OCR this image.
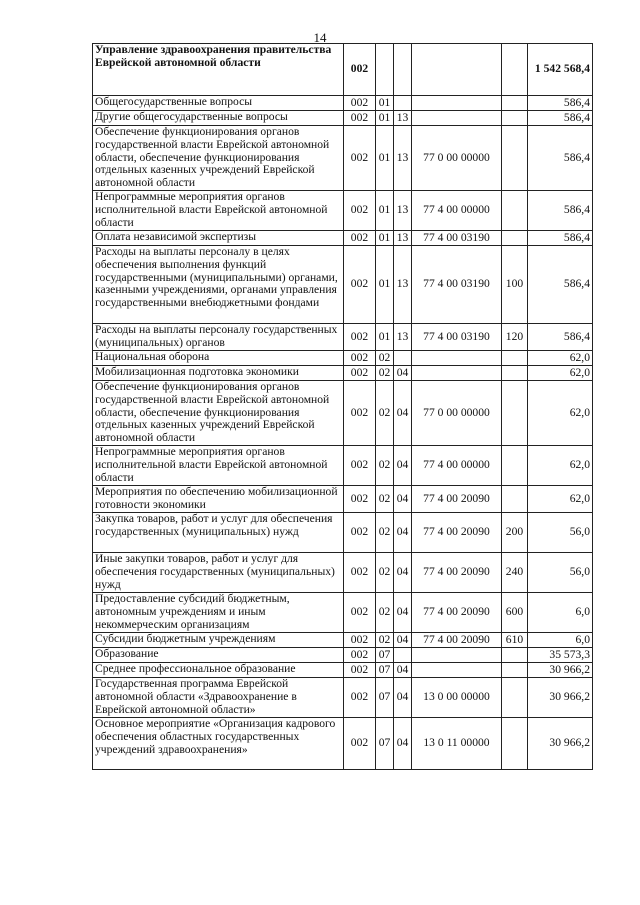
14
Управление здравоохранения правительства Еврейской автономной области	002					1 542 568,4
Общегосударственные вопросы	002	01				586,4
Другие общегосударственные вопросы	002	01	13			586,4
Обеспечение функционирования органов государственной власти Еврейской автономной области, обеспечение функционирования отдельных казенных учреждений Еврейской автономной области	002	01	13	77 0 00 00000		586,4
Непрограммные мероприятия органов исполнительной власти Еврейской автономной области	002	01	13	77 4 00 00000		586,4
Оплата независимой экспертизы	002	01	13	77 4 00 03190		586,4
Расходы на выплаты персоналу в целях обеспечения выполнения функций государственными (муниципальными) органами, казенными учреждениями, органами управления государственными внебюджетными фондами	002	01	13	77 4 00 03190	100	586,4
Расходы на выплаты персоналу государственных (муниципальных) органов	002	01	13	77 4 00 03190	120	586,4
Национальная оборона	002	02				62,0
Мобилизационная подготовка экономики	002	02	04			62,0
Обеспечение функционирования органов государственной власти Еврейской автономной области, обеспечение функционирования отдельных казенных учреждений Еврейской автономной области	002	02	04	77 0 00 00000		62,0
Непрограммные мероприятия органов исполнительной власти Еврейской автономной области	002	02	04	77 4 00 00000		62,0
Мероприятия по обеспечению мобилизационной готовности экономики	002	02	04	77 4 00 20090		62,0
Закупка товаров, работ и услуг для обеспечения государственных (муниципальных) нужд	002	02	04	77 4 00 20090	200	56,0
Иные закупки товаров, работ и услуг для обеспечения государственных (муниципальных) нужд	002	02	04	77 4 00 20090	240	56,0
Предоставление субсидий бюджетным, автономным учреждениям и иным некоммерческим организациям	002	02	04	77 4 00 20090	600	6,0
Субсидии бюджетным учреждениям	002	02	04	77 4 00 20090	610	6,0
Образование	002	07				35 573,3
Среднее профессиональное образование	002	07	04			30 966,2
Государственная программа Еврейской автономной области «Здравоохранение в Еврейской автономной области»	002	07	04	13 0 00 00000		30 966,2
Основное мероприятие «Организация кадрового обеспечения областных государственных учреждений здравоохранения»	002	07	04	13 0 11 00000		30 966,2
